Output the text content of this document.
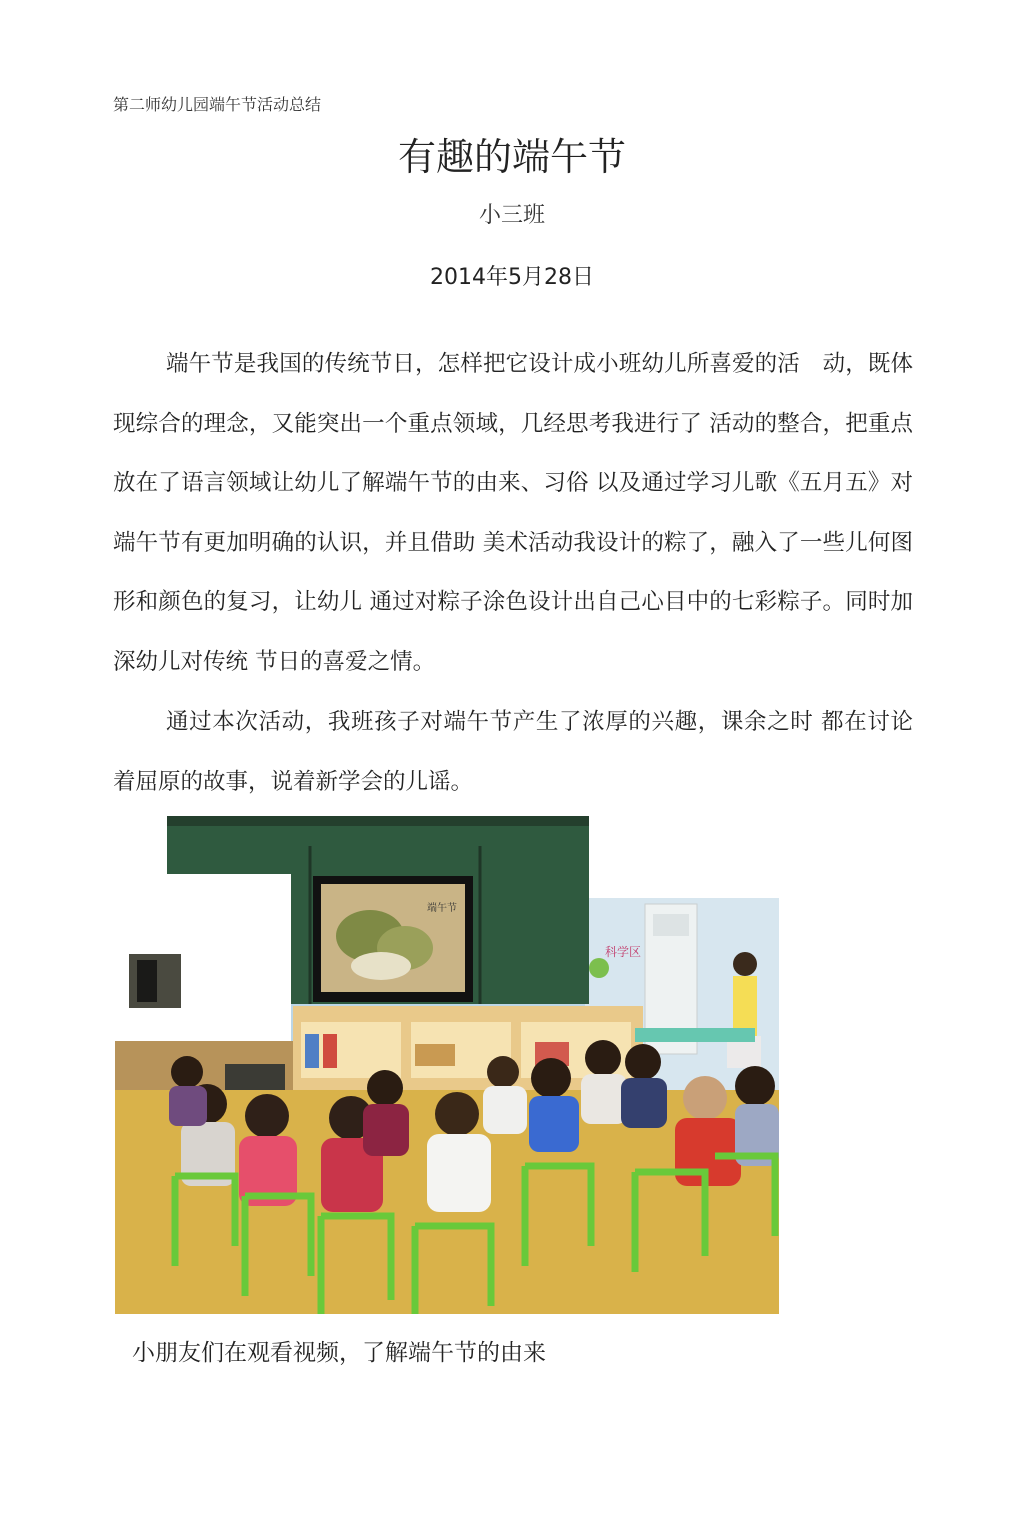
第二师幼儿园端午节活动总结
有趣的端午节
小三班
2014年5月28日
端午节是我国的传统节日，怎样把它设计成小班幼儿所喜爱的活　动，既体现综合的理念，又能突出一个重点领域，几经思考我进行了 活动的整合，把重点放在了语言领域让幼儿了解端午节的由来、习俗 以及通过学习儿歌《五月五》对端午节有更加明确的认识，并且借助 美术活动我设计的粽了，融入了一些儿何图形和颜色的复习，让幼儿 通过对粽子涂色设计出自己心目中的七彩粽子。同时加深幼儿对传统 节日的喜爱之情。
通过本次活动，我班孩子对端午节产生了浓厚的兴趣，课余之时 都在讨论着屈原的故事，说着新学会的儿谣。
端午节
科学区
小朋友们在观看视频，了解端午节的由来
